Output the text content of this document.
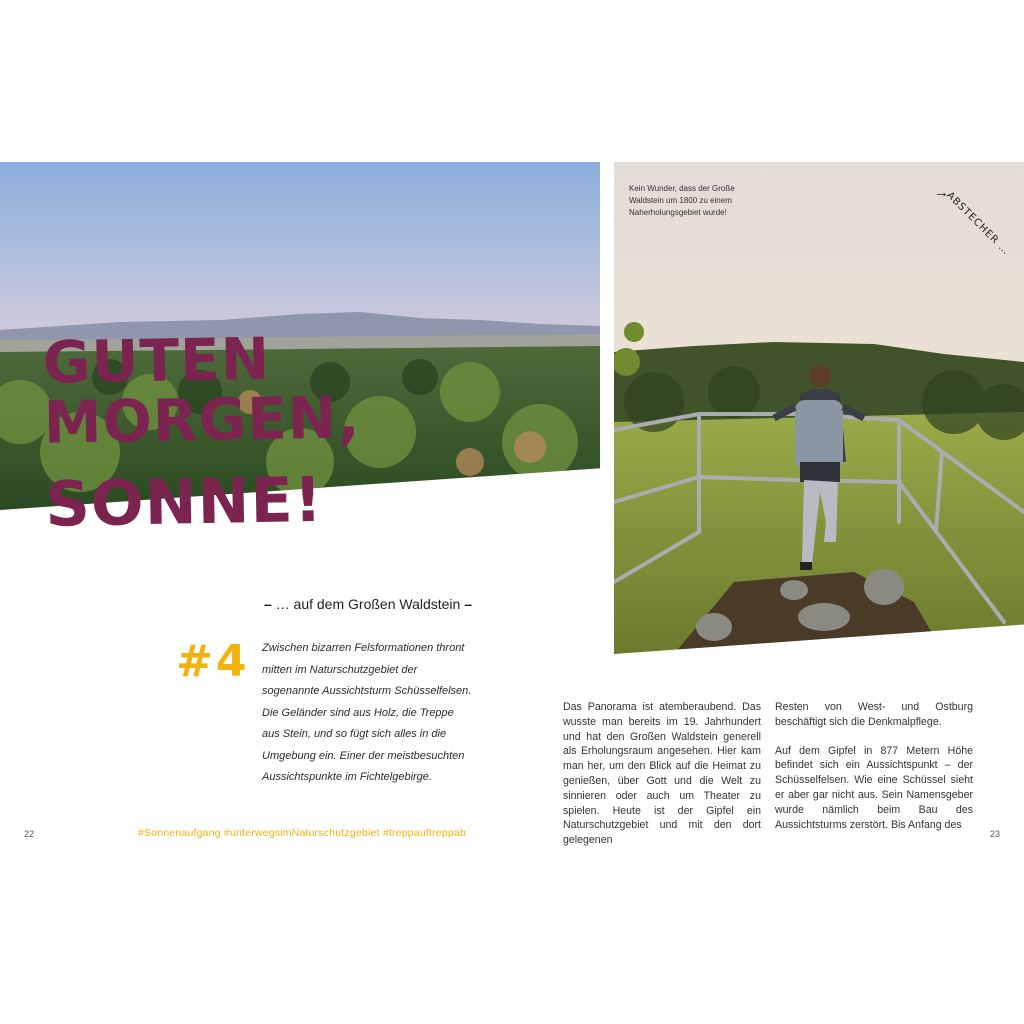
GUTEN
MORGEN,
SONNE!
– … auf dem Großen Waldstein –
#4 Zwischen bizarren Felsformationen thront mitten im Naturschutzgebiet der sogenannte Aussichtsturm Schüsselfelsen. Die Geländer sind aus Holz, die Treppe aus Stein, und so fügt sich alles in die Umgebung ein. Einer der meistbesuchten Aussichtspunkte im Fichtelgebirge.

Das Panorama ist atemberaubend. Das wusste man bereits im 19. Jahrhundert und hat den Großen Waldstein generell als Erholungsraum angesehen. Hier kam man her, um den Blick auf die Heimat zu genießen, über Gott und die Welt zu sinnieren oder auch um Theater zu spielen. Heute ist der Gipfel ein Naturschutzgebiet und mit den dort gelegenen

Resten von West- und Ostburg beschäftigt sich die Denkmalpflege.

Auf dem Gipfel in 877 Metern Höhe befindet sich ein Aussichtspunkt – der Schüsselfelsen. Wie eine Schüssel sieht er aber gar nicht aus. Sein Namensgeber wurde nämlich beim Bau des Aussichtsturms zerstört. Bis Anfang des

Kein Wunder, dass der Große Waldstein um 1800 zu einem Naherholungsgebiet wurde!

→
ABSTECHER …
22	#Sonnenaufgang #unterwegsimNaturschutzgebiet #treppauftreppab	23
